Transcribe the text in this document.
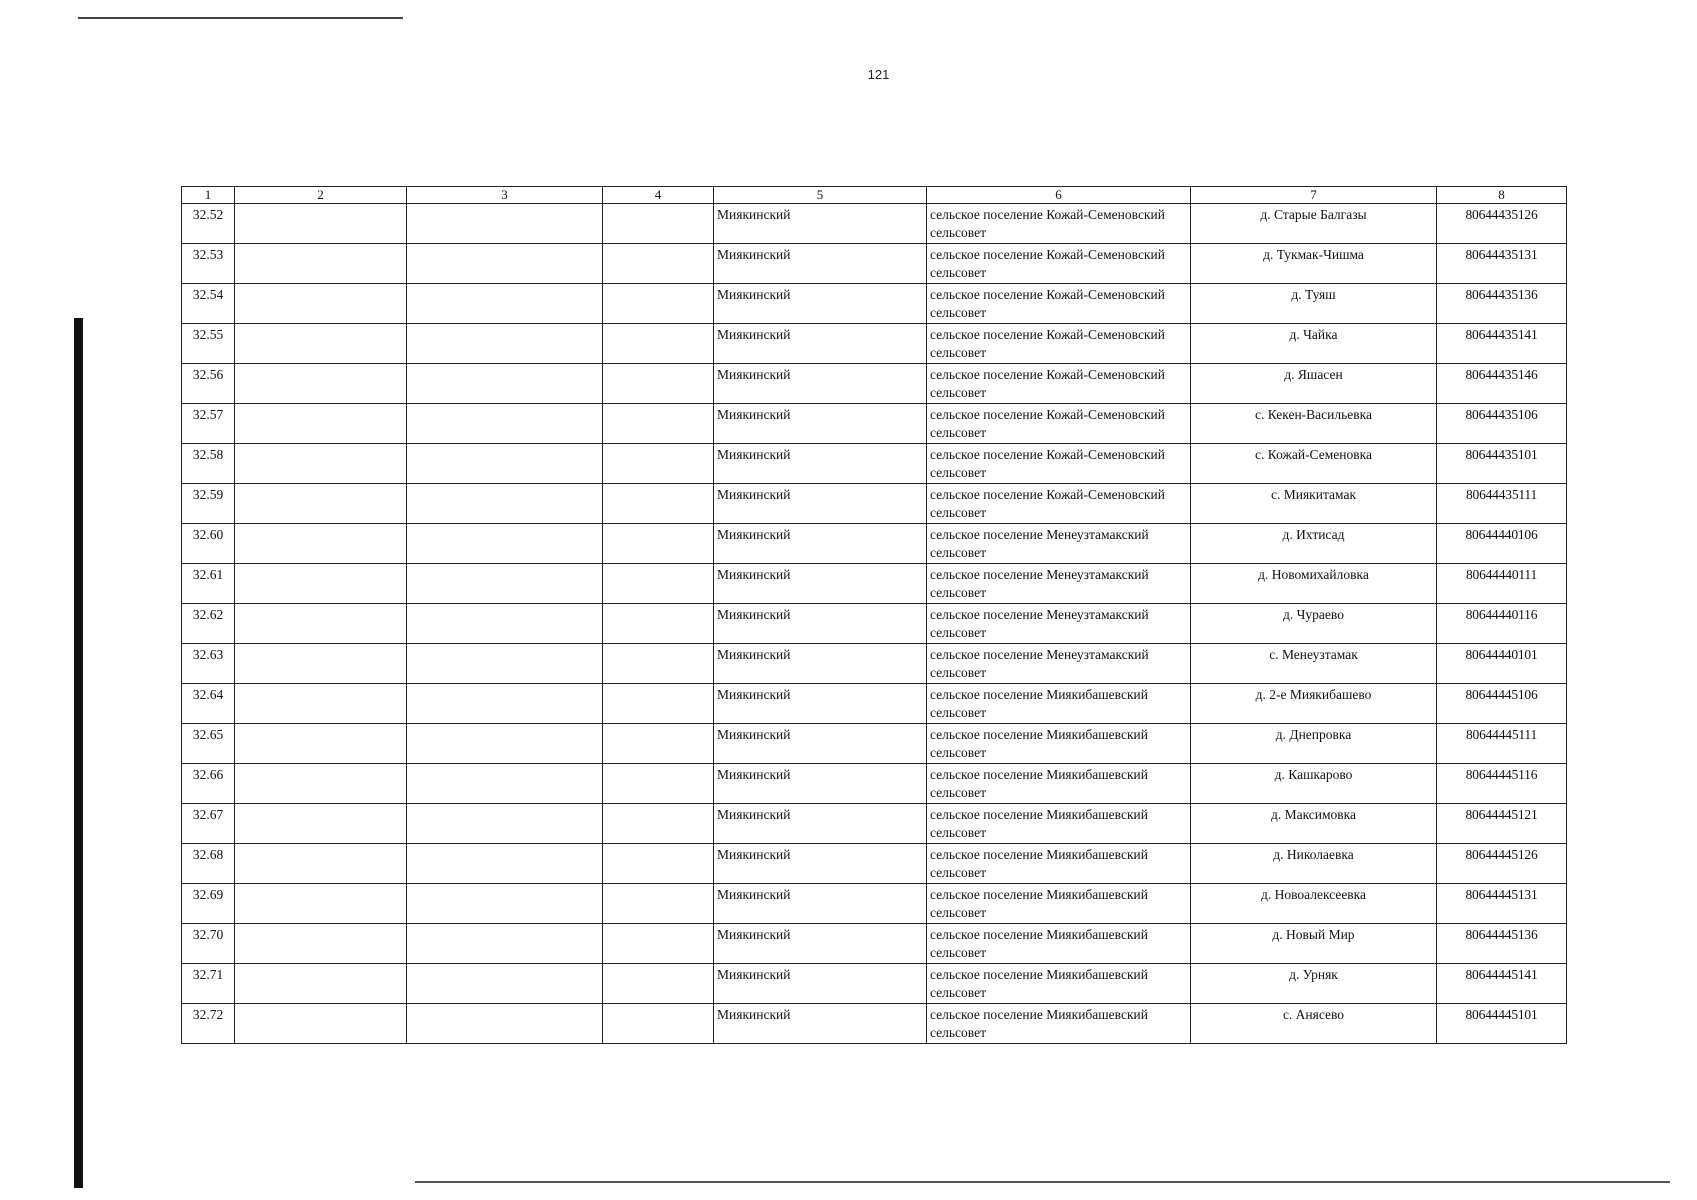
121
1	2	3	4	5	6	7	8
32.52				Миякинский	сельское поселение Кожай-Семеновский сельсовет	д. Старые Балгазы	80644435126
32.53				Миякинский	сельское поселение Кожай-Семеновский сельсовет	д. Тукмак-Чишма	80644435131
32.54				Миякинский	сельское поселение Кожай-Семеновский сельсовет	д. Туяш	80644435136
32.55				Миякинский	сельское поселение Кожай-Семеновский сельсовет	д. Чайка	80644435141
32.56				Миякинский	сельское поселение Кожай-Семеновский сельсовет	д. Яшасен	80644435146
32.57				Миякинский	сельское поселение Кожай-Семеновский сельсовет	с. Кекен-Васильевка	80644435106
32.58				Миякинский	сельское поселение Кожай-Семеновский сельсовет	с. Кожай-Семеновка	80644435101
32.59				Миякинский	сельское поселение Кожай-Семеновский сельсовет	с. Миякитамак	80644435111
32.60				Миякинский	сельское поселение Менеузтамакский сельсовет	д. Ихтисад	80644440106
32.61				Миякинский	сельское поселение Менеузтамакский сельсовет	д. Новомихайловка	80644440111
32.62				Миякинский	сельское поселение Менеузтамакский сельсовет	д. Чураево	80644440116
32.63				Миякинский	сельское поселение Менеузтамакский сельсовет	с. Менеузтамак	80644440101
32.64				Миякинский	сельское поселение Миякибашевский сельсовет	д. 2-е Миякибашево	80644445106
32.65				Миякинский	сельское поселение Миякибашевский сельсовет	д. Днепровка	80644445111
32.66				Миякинский	сельское поселение Миякибашевский сельсовет	д. Кашкарово	80644445116
32.67				Миякинский	сельское поселение Миякибашевский сельсовет	д. Максимовка	80644445121
32.68				Миякинский	сельское поселение Миякибашевский сельсовет	д. Николаевка	80644445126
32.69				Миякинский	сельское поселение Миякибашевский сельсовет	д. Новоалексеевка	80644445131
32.70				Миякинский	сельское поселение Миякибашевский сельсовет	д. Новый Мир	80644445136
32.71				Миякинский	сельское поселение Миякибашевский сельсовет	д. Урняк	80644445141
32.72				Миякинский	сельское поселение Миякибашевский сельсовет	с. Анясево	80644445101
